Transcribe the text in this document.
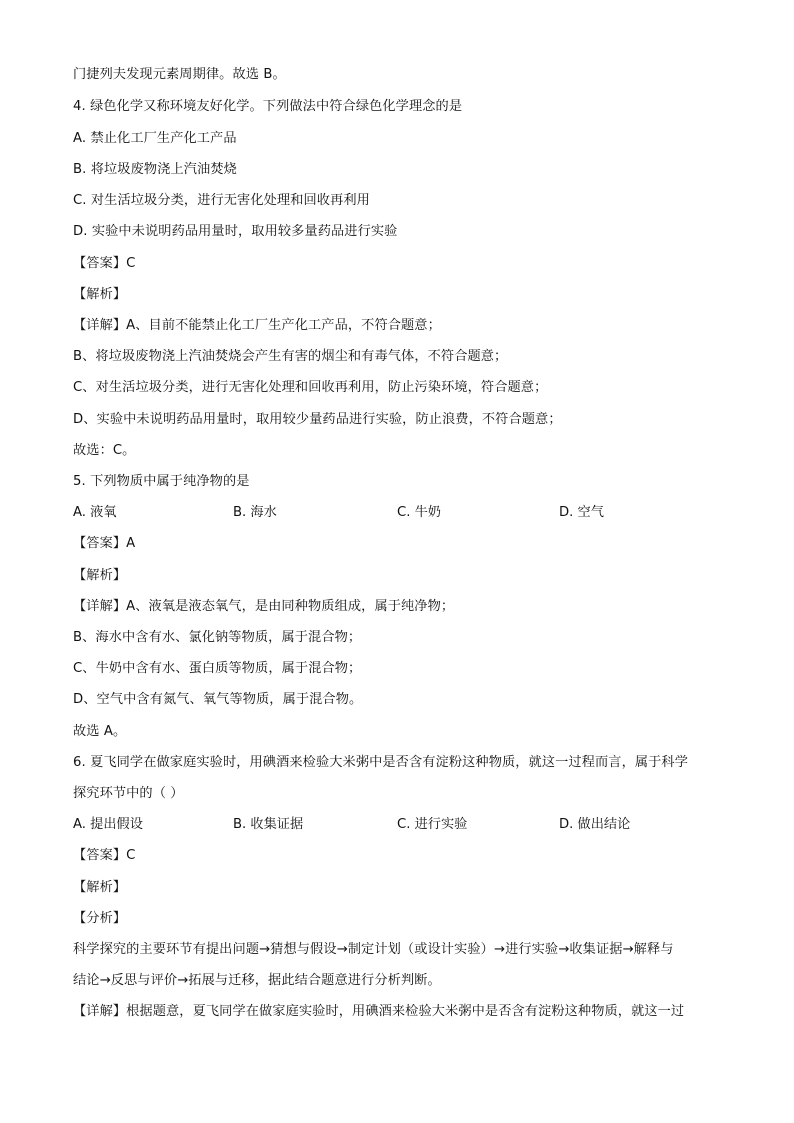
门捷列夫发现元素周期律。故选 B。
4. 绿色化学又称环境友好化学。下列做法中符合绿色化学理念的是
A. 禁止化工厂生产化工产品
B. 将垃圾废物浇上汽油焚烧
C. 对生活垃圾分类，进行无害化处理和回收再利用
D. 实验中未说明药品用量时，取用较多量药品进行实验
【答案】C
【解析】
【详解】A、目前不能禁止化工厂生产化工产品，不符合题意；
B、将垃圾废物浇上汽油焚烧会产生有害的烟尘和有毒气体，不符合题意；
C、对生活垃圾分类，进行无害化处理和回收再利用，防止污染环境，符合题意；
D、实验中未说明药品用量时，取用较少量药品进行实验，防止浪费，不符合题意；
故选：C。
5. 下列物质中属于纯净物的是
A. 液氧	B. 海水	C. 牛奶	D. 空气
【答案】A
【解析】
【详解】A、液氧是液态氧气，是由同种物质组成，属于纯净物；
B、海水中含有水、氯化钠等物质，属于混合物；
C、牛奶中含有水、蛋白质等物质，属于混合物；
D、空气中含有氮气、氧气等物质，属于混合物。
故选 A。
6. 夏飞同学在做家庭实验时，用碘酒来检验大米粥中是否含有淀粉这种物质，就这一过程而言，属于科学
探究环节中的（ ）
A. 提出假设	B. 收集证据	C. 进行实验	D. 做出结论
【答案】C
【解析】
【分析】
科学探究的主要环节有提出问题→猜想与假设→制定计划（或设计实验）→进行实验→收集证据→解释与
结论→反思与评价→拓展与迁移，据此结合题意进行分析判断。
【详解】根据题意，夏飞同学在做家庭实验时，用碘酒来检验大米粥中是否含有淀粉这种物质，就这一过
